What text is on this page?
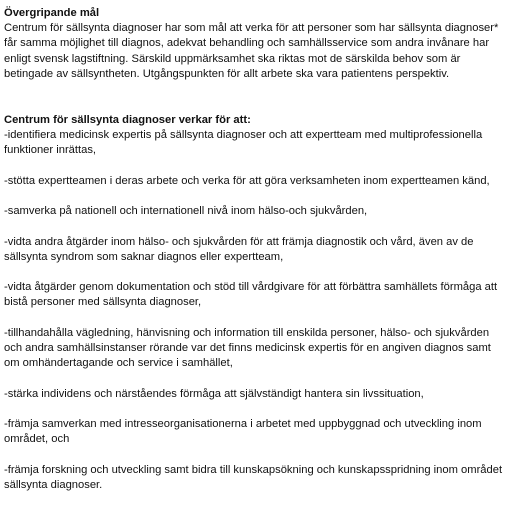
Övergripande mål

Centrum för sällsynta diagnoser har som mål att verka för att personer som har sällsynta diagnoser* får samma möjlighet till diagnos, adekvat behandling och samhällsservice som andra invånare har enligt svensk lagstiftning. Särskild uppmärksamhet ska riktas mot de särskilda behov som är betingade av sällsyntheten. Utgångspunkten för allt arbete ska vara patientens perspektiv.

Centrum för sällsynta diagnoser verkar för att:

-identifiera medicinsk expertis på sällsynta diagnoser och att expertteam med multiprofessionella funktioner inrättas,
-stötta expertteamen i deras arbete och verka för att göra verksamheten inom expertteamen känd,
-samverka på nationell och internationell nivå inom hälso-och sjukvården,
-vidta andra åtgärder inom hälso- och sjukvården för att främja diagnostik och vård, även av de sällsynta syndrom som saknar diagnos eller expertteam,
-vidta åtgärder genom dokumentation och stöd till vårdgivare för att förbättra samhällets förmåga att bistå personer med sällsynta diagnoser,
-tillhandahålla vägledning, hänvisning och information till enskilda personer, hälso- och sjukvården och andra samhällsinstanser rörande var det finns medicinsk expertis för en angiven diagnos samt om omhändertagande och service i samhället,
-stärka individens och närståendes förmåga att självständigt hantera sin livssituation,
-främja samverkan med intresseorganisationerna i arbetet med uppbyggnad och utveckling inom området, och
-främja forskning och utveckling samt bidra till kunskapsökning och kunskapsspridning inom området sällsynta diagnoser.
